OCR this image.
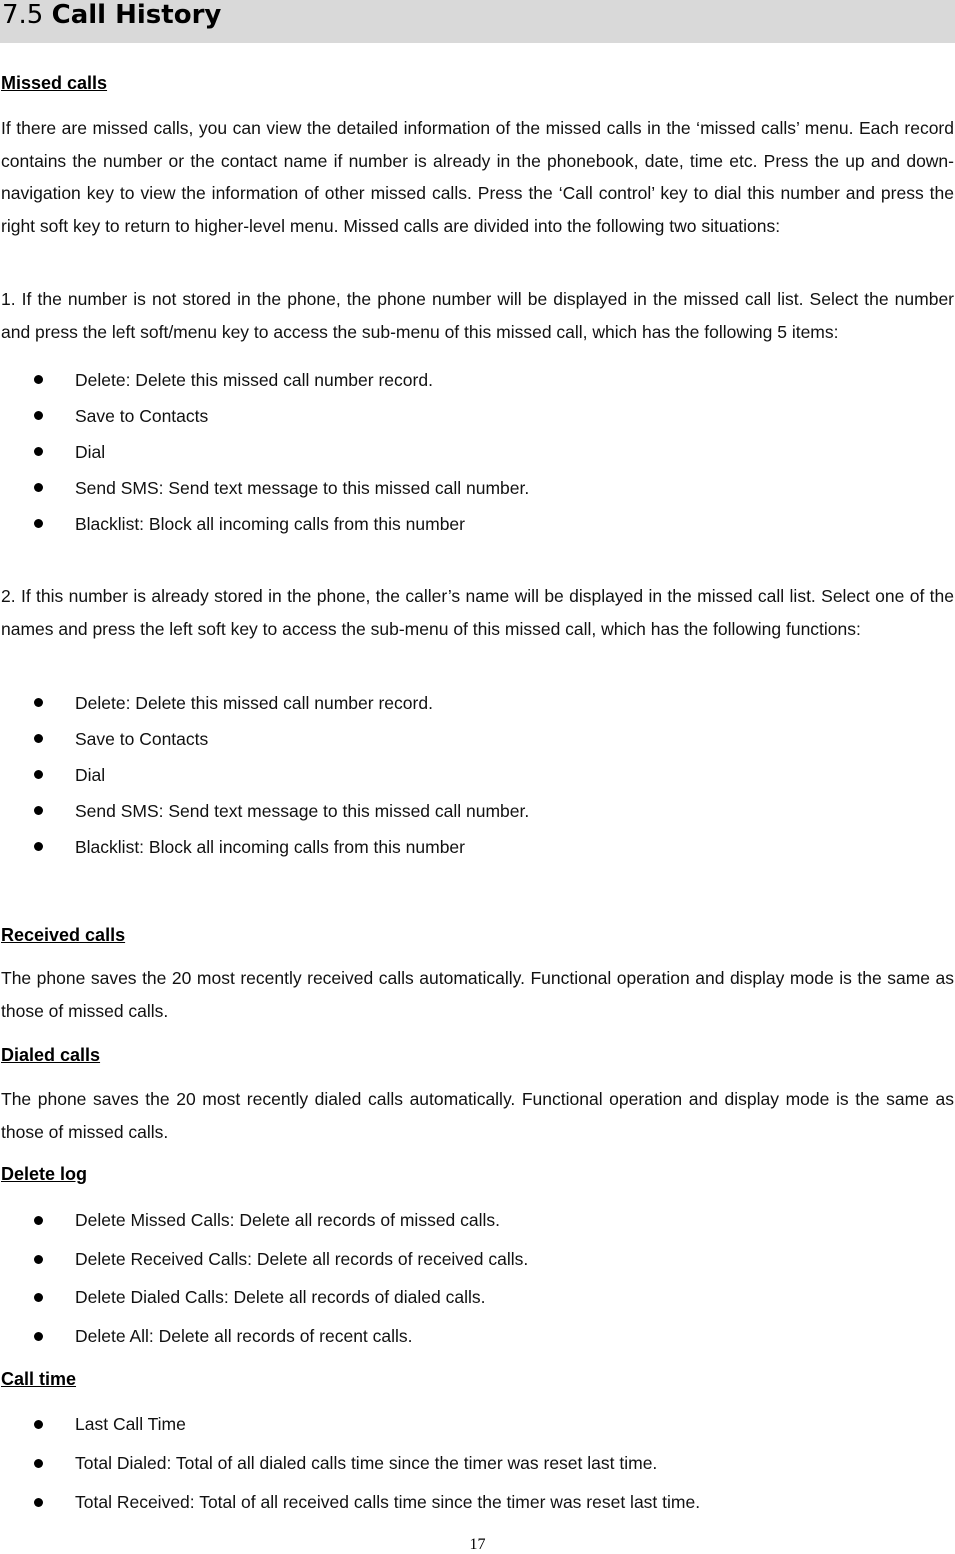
7.5 Call History
Missed calls

If there are missed calls, you can view the detailed information of the missed calls in the ‘missed calls’ menu. Each record contains the number or the contact name if number is already in the phonebook, date, time etc. Press the up and down-navigation key to view the information of other missed calls. Press the ‘Call control’ key to dial this number and press the right soft key to return to higher-level menu. Missed calls are divided into the following two situations:

1. If the number is not stored in the phone, the phone number will be displayed in the missed call list. Select the number and press the left soft/menu key to access the sub-menu of this missed call, which has the following 5 items:

Delete: Delete this missed call number record.
Save to Contacts
Dial
Send SMS: Send text message to this missed call number.
Blacklist: Block all incoming calls from this number

2. If this number is already stored in the phone, the caller’s name will be displayed in the missed call list. Select one of the names and press the left soft key to access the sub-menu of this missed call, which has the following functions:

Delete: Delete this missed call number record.
Save to Contacts
Dial
Send SMS: Send text message to this missed call number.
Blacklist: Block all incoming calls from this number
Received calls

The phone saves the 20 most recently received calls automatically. Functional operation and display mode is the same as those of missed calls.

Dialed calls

The phone saves the 20 most recently dialed calls automatically. Functional operation and display mode is the same as those of missed calls.

Delete log
Delete Missed Calls: Delete all records of missed calls.
Delete Received Calls: Delete all records of received calls.
Delete Dialed Calls: Delete all records of dialed calls.
Delete All: Delete all records of recent calls.
Call time
Last Call Time
Total Dialed: Total of all dialed calls time since the timer was reset last time.
Total Received: Total of all received calls time since the timer was reset last time.
17
